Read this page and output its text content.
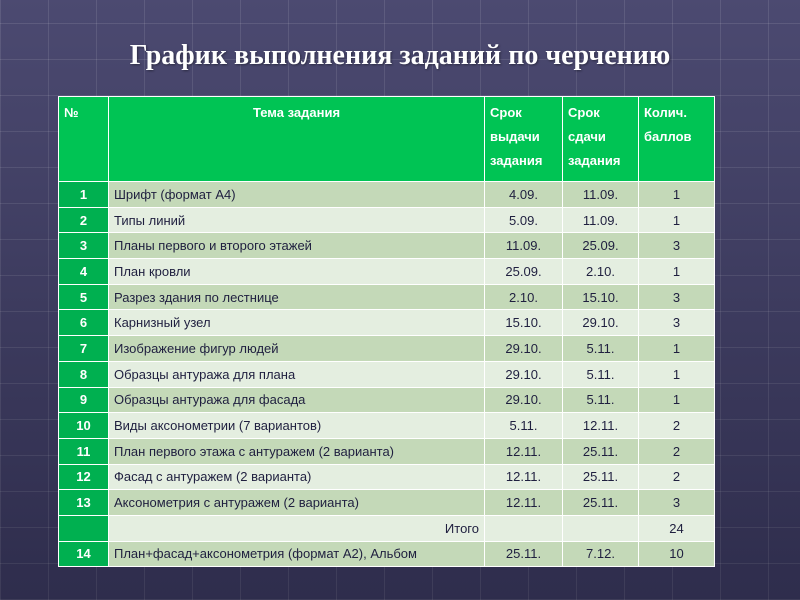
График выполнения заданий по черчению
№	Тема задания	Срок выдачи задания	Срок сдачи задания	Колич. баллов
1	Шрифт (формат А4)	4.09.	11.09.	1
2	Типы линий	5.09.	11.09.	1
3	Планы первого и второго этажей	11.09.	25.09.	3
4	План кровли	25.09.	2.10.	1
5	Разрез здания по лестнице	2.10.	15.10.	3
6	Карнизный узел	15.10.	29.10.	3
7	Изображение фигур людей	29.10.	5.11.	1
8	Образцы антуража для плана	29.10.	5.11.	1
9	Образцы антуража для фасада	29.10.	5.11.	1
10	Виды аксонометрии (7 вариантов)	5.11.	12.11.	2
11	План первого этажа с антуражем (2 варианта)	12.11.	25.11.	2
12	Фасад с антуражем (2 варианта)	12.11.	25.11.	2
13	Аксонометрия с антуражем (2 варианта)	12.11.	25.11.	3
	Итого			24
14	План+фасад+аксонометрия (формат А2), Альбом	25.11.	7.12.	10
